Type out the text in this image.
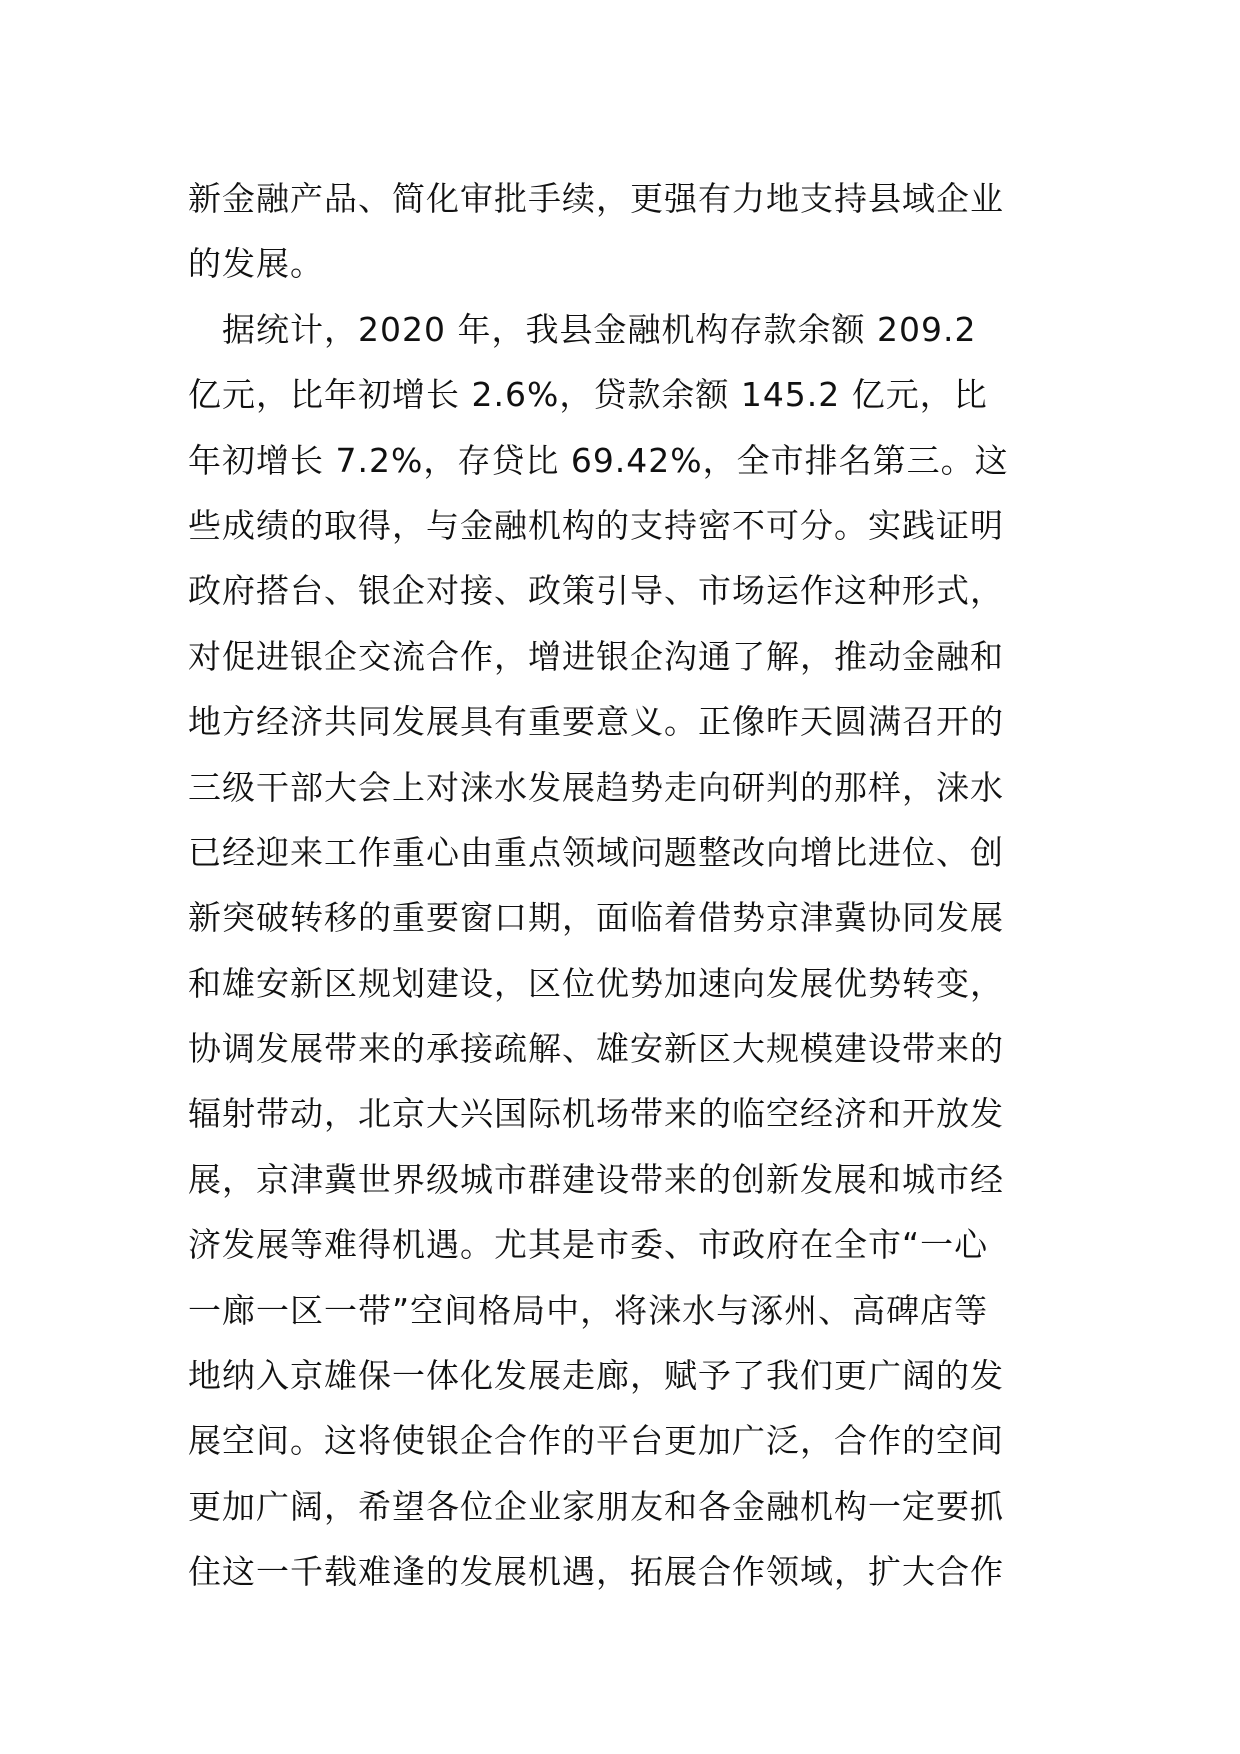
新金融产品、简化审批手续，更强有力地支持县域企业
的发展。
　据统计，2020 年，我县金融机构存款余额 209.2
亿元，比年初增长 2.6%，贷款余额 145.2 亿元，比
年初增长 7.2%，存贷比 69.42%，全市排名第三。这
些成绩的取得，与金融机构的支持密不可分。实践证明
政府搭台、银企对接、政策引导、市场运作这种形式，
对促进银企交流合作，增进银企沟通了解，推动金融和
地方经济共同发展具有重要意义。正像昨天圆满召开的
三级干部大会上对涞水发展趋势走向研判的那样，涞水
已经迎来工作重心由重点领域问题整改向增比进位、创
新突破转移的重要窗口期，面临着借势京津冀协同发展
和雄安新区规划建设，区位优势加速向发展优势转变，
协调发展带来的承接疏解、雄安新区大规模建设带来的
辐射带动，北京大兴国际机场带来的临空经济和开放发
展，京津冀世界级城市群建设带来的创新发展和城市经
济发展等难得机遇。尤其是市委、市政府在全市“一心
一廊一区一带”空间格局中，将涞水与涿州、高碑店等
地纳入京雄保一体化发展走廊，赋予了我们更广阔的发
展空间。这将使银企合作的平台更加广泛，合作的空间
更加广阔，希望各位企业家朋友和各金融机构一定要抓
住这一千载难逢的发展机遇，拓展合作领域，扩大合作
